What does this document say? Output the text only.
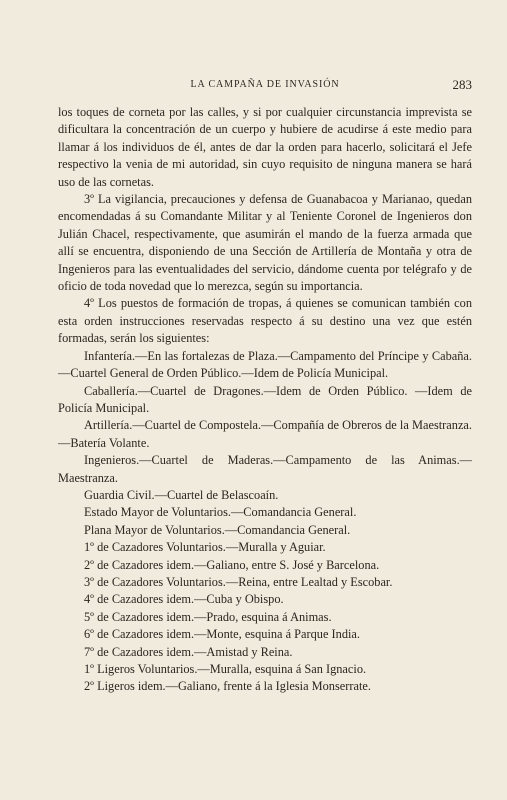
LA CAMPAÑA DE INVASIÓN	283

los toques de corneta por las calles, y si por cualquier circunstancia imprevista se dificultara la concentración de un cuerpo y hubiere de acudirse á este medio para llamar á los individuos de él, antes de dar la orden para hacerlo, solicitará el Jefe respectivo la venia de mi autoridad, sin cuyo requisito de ninguna manera se hará uso de las cornetas.

3º La vigilancia, precauciones y defensa de Guanabacoa y Marianao, quedan encomendadas á su Comandante Militar y al Teniente Coronel de Ingenieros don Julián Chacel, respectivamente, que asumirán el mando de la fuerza armada que allí se encuentra, disponiendo de una Sección de Artillería de Montaña y otra de Ingenieros para las eventualidades del servicio, dándome cuenta por telégrafo y de oficio de toda novedad que lo merezca, según su importancia.

4º Los puestos de formación de tropas, á quienes se comunican también con esta orden instrucciones reservadas respecto á su destino una vez que estén formadas, serán los siguientes:

Infantería.—En las fortalezas de Plaza.—Campamento del Príncipe y Cabaña.—Cuartel General de Orden Público.—Idem de Policía Municipal.

Caballería.—Cuartel de Dragones.—Idem de Orden Público. —Idem de Policía Municipal.

Artillería.—Cuartel de Compostela.—Compañía de Obreros de la Maestranza.—Batería Volante.

Ingenieros.—Cuartel de Maderas.—Campamento de las Animas.—Maestranza.

Guardia Civil.—Cuartel de Belascoaín.

Estado Mayor de Voluntarios.—Comandancia General.

Plana Mayor de Voluntarios.—Comandancia General.

1º de Cazadores Voluntarios.—Muralla y Aguiar.

2º de Cazadores idem.—Galiano, entre S. José y Barcelona.

3º de Cazadores Voluntarios.—Reina, entre Lealtad y Escobar.

4º de Cazadores idem.—Cuba y Obispo.

5º de Cazadores idem.—Prado, esquina á Animas.

6º de Cazadores idem.—Monte, esquina á Parque India.

7º de Cazadores idem.—Amistad y Reina.

1º Ligeros Voluntarios.—Muralla, esquina á San Ignacio.

2º Ligeros idem.—Galiano, frente á la Iglesia Monserrate.
